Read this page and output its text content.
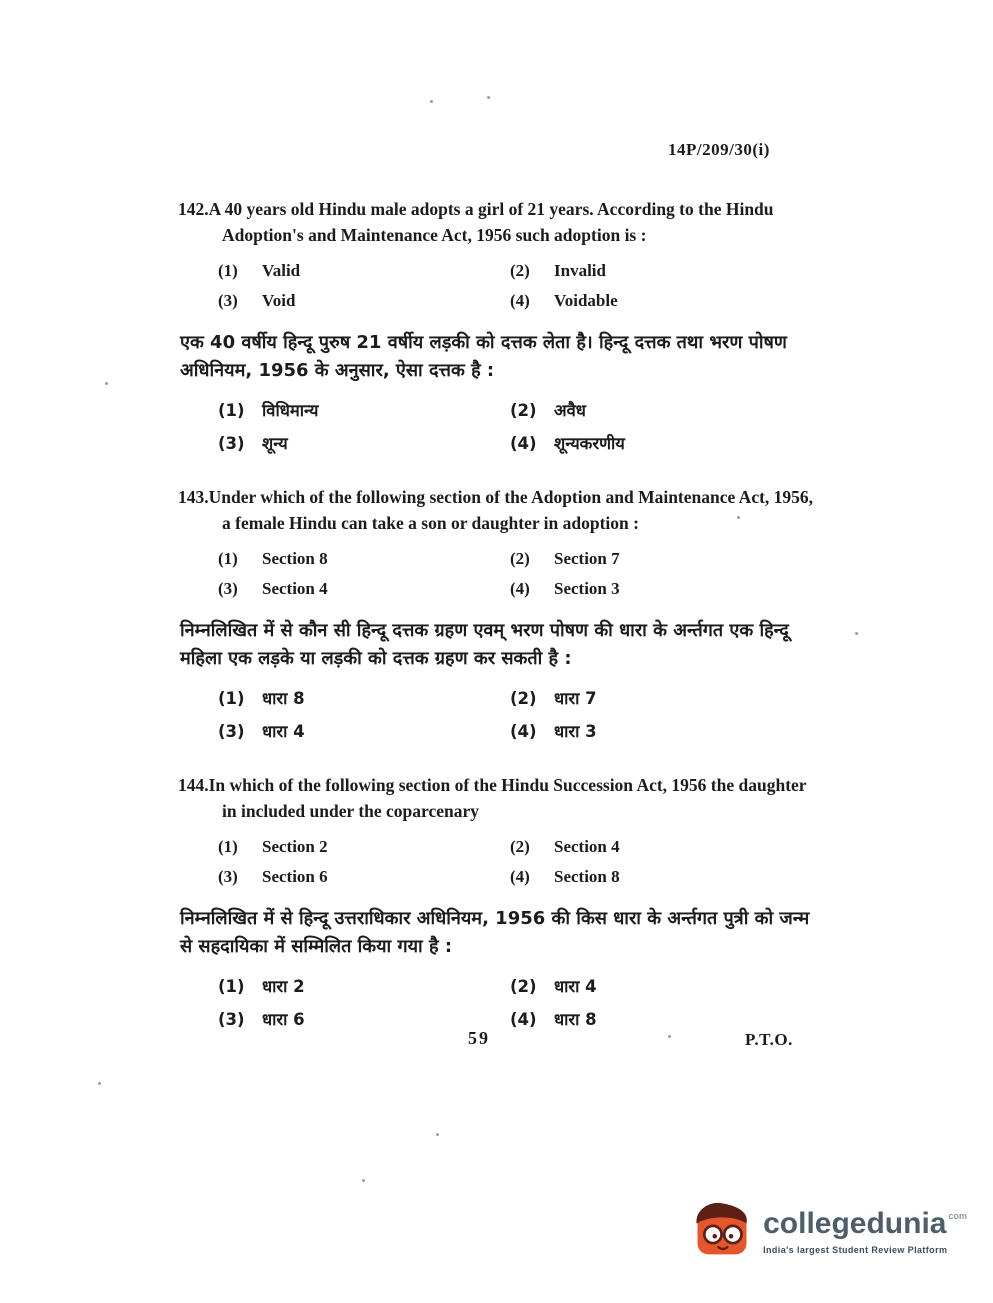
14P/209/30(i)

142.A 40 years old Hindu male adopts a girl of 21 years. According to the Hindu Adoption's and Maintenance Act, 1956 such adoption is :

(1) Valid	(2) Invalid
(3) Void	(4) Voidable

एक 40 वर्षीय हिन्दू पुरुष 21 वर्षीय लड़की को दत्तक लेता है। हिन्दू दत्तक तथा भरण पोषण अधिनियम, 1956 के अनुसार, ऐसा दत्तक है :

(1) विधिमान्य	(2) अवैध
(3) शून्य	(4) शून्यकरणीय

143.Under which of the following section of the Adoption and Maintenance Act, 1956, a female Hindu can take a son or daughter in adoption :

(1) Section 8	(2) Section 7
(3) Section 4	(4) Section 3

निम्नलिखित में से कौन सी हिन्दू दत्तक ग्रहण एवम् भरण पोषण की धारा के अर्न्तगत एक हिन्दू महिला एक लड़के या लड़की को दत्तक ग्रहण कर सकती है :

(1) धारा 8	(2) धारा 7
(3) धारा 4	(4) धारा 3

144.In which of the following section of the Hindu Succession Act, 1956 the daughter in included under the coparcenary

(1) Section 2	(2) Section 4
(3) Section 6	(4) Section 8

निम्नलिखित में से हिन्दू उत्तराधिकार अधिनियम, 1956 की किस धारा के अर्न्तगत पुत्री को जन्म से सहदायिका में सम्मिलित किया गया है :

(1) धारा 2	(2) धारा 4
(3) धारा 6	(4) धारा 8
59	P.T.O.
collegedunia com
India's largest Student Review Platform
